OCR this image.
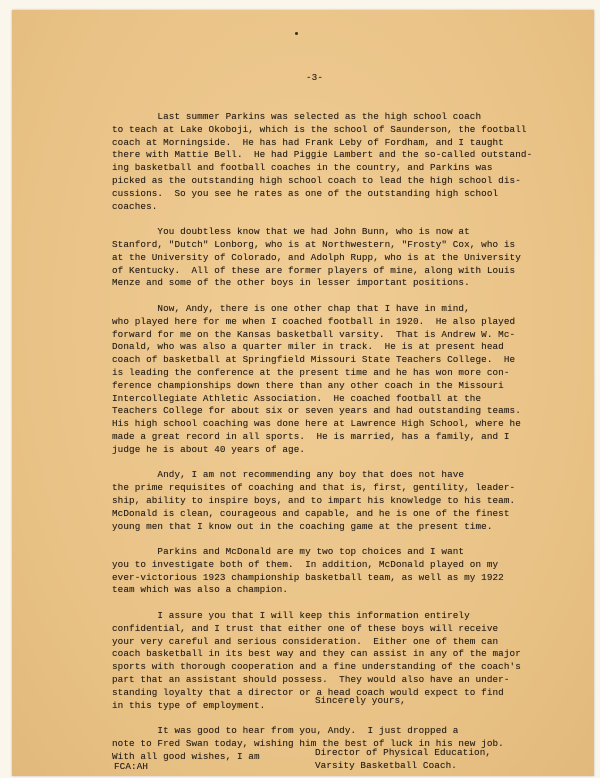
-3-

Last summer Parkins was selected as the high school coach

to teach at Lake Okoboji, which is the school of Saunderson, the football

coach at Morningside.  He has had Frank Leby of Fordham, and I taught

there with Mattie Bell.  He had Piggie Lambert and the so-called outstand-

ing basketball and football coaches in the country, and Parkins was

picked as the outstanding high school coach to lead the high school dis-

cussions.  So you see he rates as one of the outstanding high school

coaches.

You doubtless know that we had John Bunn, who is now at

Stanford, "Dutch" Lonborg, who is at Northwestern, "Frosty" Cox, who is

at the University of Colorado, and Adolph Rupp, who is at the University

of Kentucky.  All of these are former players of mine, along with Louis

Menze and some of the other boys in lesser important positions.

Now, Andy, there is one other chap that I have in mind,

who played here for me when I coached football in 1920.  He also played

forward for me on the Kansas basketball varsity.  That is Andrew W. Mc-

Donald, who was also a quarter miler in track.  He is at present head

coach of basketball at Springfield Missouri State Teachers College.  He

is leading the conference at the present time and he has won more con-

ference championships down there than any other coach in the Missouri

Intercollegiate Athletic Association.  He coached football at the

Teachers College for about six or seven years and had outstanding teams.

His high school coaching was done here at Lawrence High School, where he

made a great record in all sports.  He is married, has a family, and I

judge he is about 40 years of age.

Andy, I am not recommending any boy that does not have

the prime requisites of coaching and that is, first, gentility, leader-

ship, ability to inspire boys, and to impart his knowledge to his team.

McDonald is clean, courageous and capable, and he is one of the finest

young men that I know out in the coaching game at the present time.

Parkins and McDonald are my two top choices and I want

you to investigate both of them.  In addition, McDonald played on my

ever-victorious 1923 championship basketball team, as well as my 1922

team which was also a champion.

I assure you that I will keep this information entirely

confidential, and I trust that either one of these boys will receive

your very careful and serious consideration.  Either one of them can

coach basketball in its best way and they can assist in any of the major

sports with thorough cooperation and a fine understanding of the coach's

part that an assistant should possess.  They would also have an under-

standing loyalty that a director or a head coach would expect to find

in this type of employment.

It was good to hear from you, Andy.  I just dropped a

note to Fred Swan today, wishing him the best of luck in his new job.

With all good wishes, I am

Sincerely yours,

Director of Physical Education,

Varsity Basketball Coach.

FCA:AH
